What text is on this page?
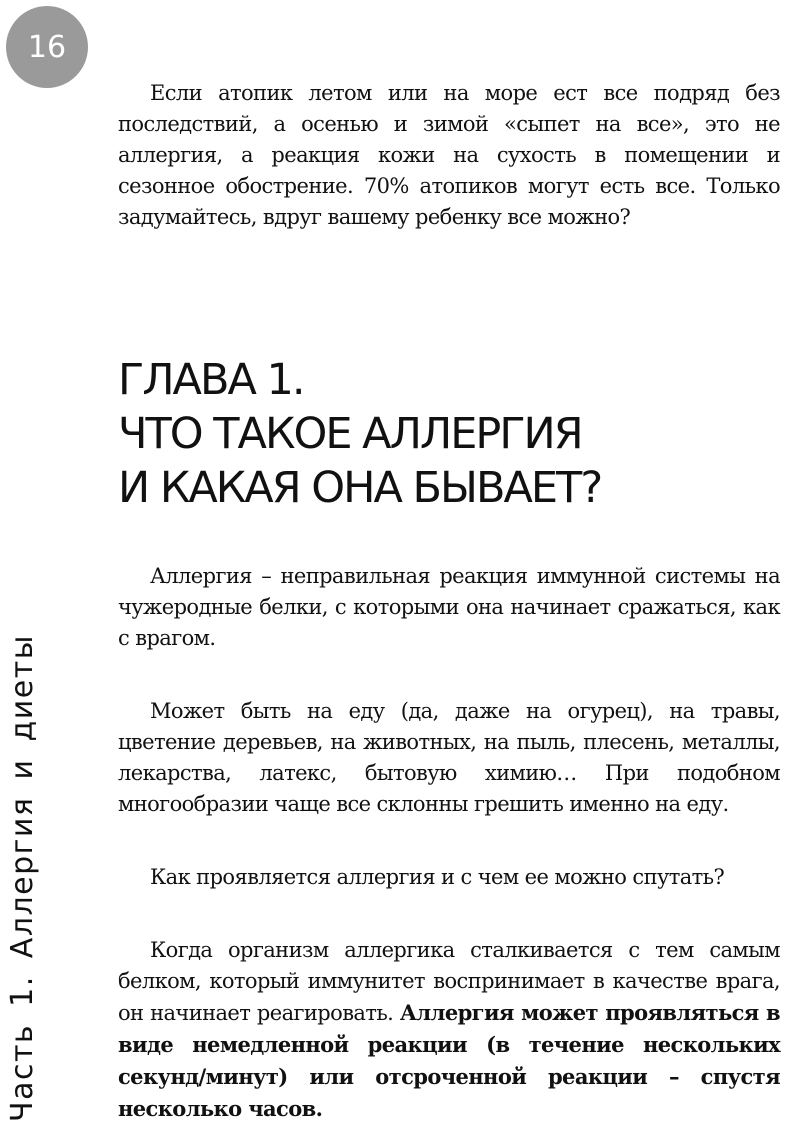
16
Часть 1. Аллергия и диеты

Если атопик летом или на море ест все подряд без последствий, а осенью и зимой «сыпет на все», это не аллергия, а реакция кожи на сухость в помещении и сезонное обострение. 70% атопиков могут есть все. Только задумайтесь, вдруг вашему ребенку все можно?

ГЛАВА 1.
ЧТО ТАКОЕ АЛЛЕРГИЯ
И КАКАЯ ОНА БЫВАЕТ?

Аллергия – неправильная реакция иммунной системы на чужеродные белки, с которыми она начинает сражаться, как с врагом.

Может быть на еду (да, даже на огурец), на травы, цветение деревьев, на животных, на пыль, плесень, металлы, лекарства, латекс, бытовую химию… При подобном многообразии чаще все склонны грешить именно на еду.

Как проявляется аллергия и с чем ее можно спутать?

Когда организм аллергика сталкивается с тем самым белком, который иммунитет воспринимает в качестве врага, он начинает реагировать. Аллергия может проявляться в виде немедленной реакции (в течение нескольких секунд/минут) или отсроченной реакции – спустя несколько часов.
